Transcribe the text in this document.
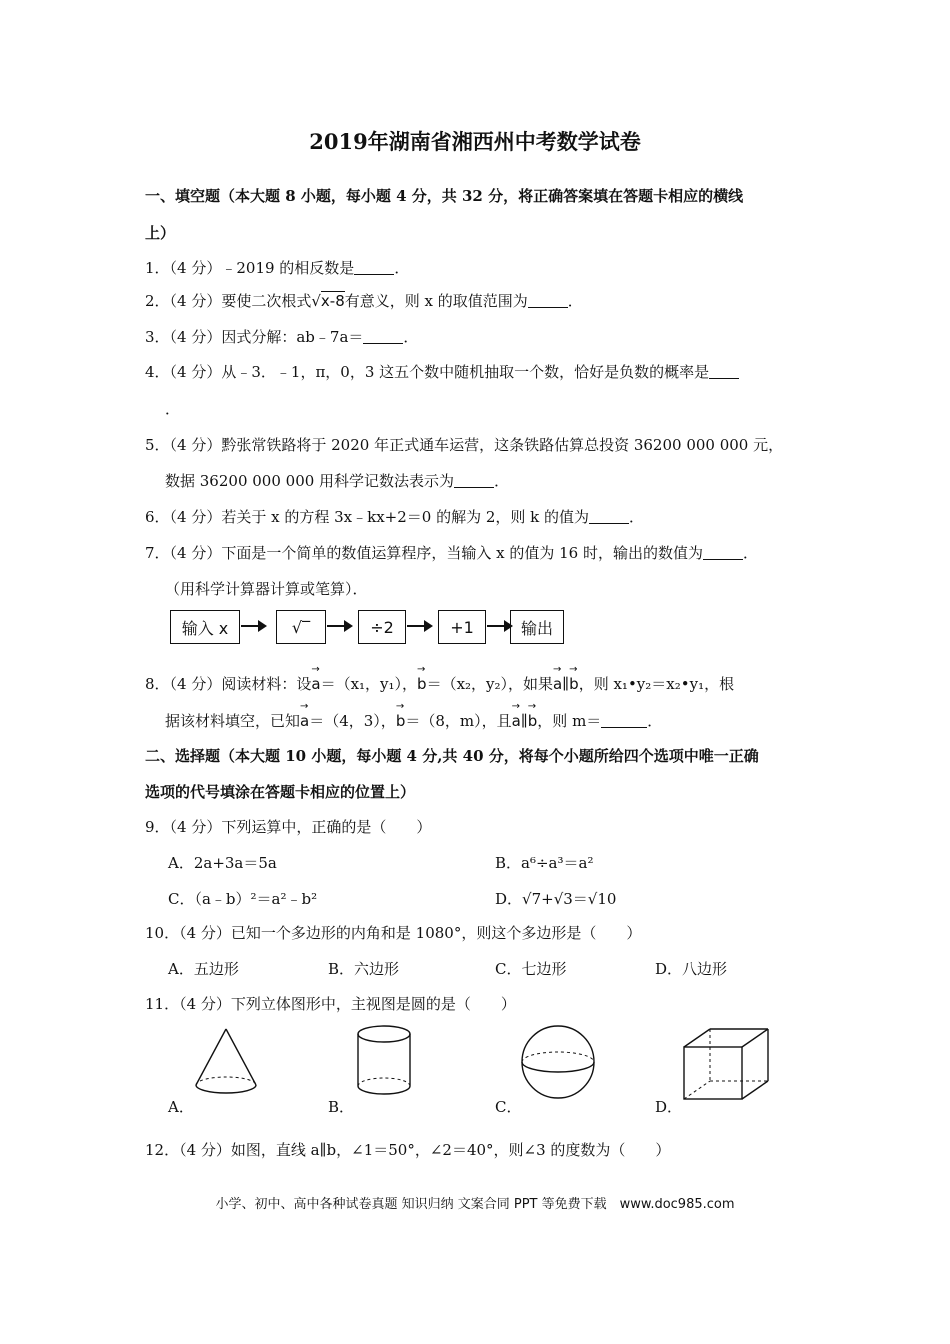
2019年湖南省湘西州中考数学试卷
一、填空题（本大题 8 小题，每小题 4 分，共 32 分，将正确答案填在答题卡相应的横线
上）
1．（4 分）﹣2019 的相反数是	．
2．（4 分）要使二次根式√x-8有意义，则 x 的取值范围为	．
3．（4 分）因式分解：ab﹣7a＝	．
4．（4 分）从﹣3．﹣1，π，0，3 这五个数中随机抽取一个数，恰好是负数的概率是
．
5．（4 分）黔张常铁路将于 2020 年正式通车运营，这条铁路估算总投资 36200 000 000 元，
数据 36200 000 000 用科学记数法表示为	．
6．（4 分）若关于 x 的方程 3x﹣kx+2＝0 的解为 2，则 k 的值为	．
7．（4 分）下面是一个简单的数值运算程序，当输入 x 的值为 16 时，输出的数值为	．
（用科学计算器计算或笔算）．
输入 x	√‾	÷2	+1	输出
8．（4 分）阅读材料：设→ a＝（x₁，y₁），→ b＝（x₂，y₂），如果→ a∥→ b，则 x₁•y₂＝x₂•y₁，根
据该材料填空，已知→ a＝（4，3），→ b＝（8，m），且→ a∥→ b，则 m＝	．
二、选择题（本大题 10 小题，每小题 4 分,共 40 分，将每个小题所给四个选项中唯一正确
选项的代号填涂在答题卡相应的位置上）
9．（4 分）下列运算中，正确的是（　　）
A．2a+3a＝5a	B．a⁶÷a³＝a²
C．（a﹣b）²＝a²﹣b²	D．√7+√3＝√10
10．（4 分）已知一个多边形的内角和是 1080°，则这个多边形是（　　）
A．五边形	B．六边形	C．七边形	D．八边形
11．（4 分）下列立体图形中，主视图是圆的是（　　）
A．	B．	C．	D．
12．（4 分）如图，直线 a∥b，∠1＝50°，∠2＝40°，则∠3 的度数为（　　）
小学、初中、高中各种试卷真题 知识归纳 文案合同 PPT 等免费下载　www.doc985.com
